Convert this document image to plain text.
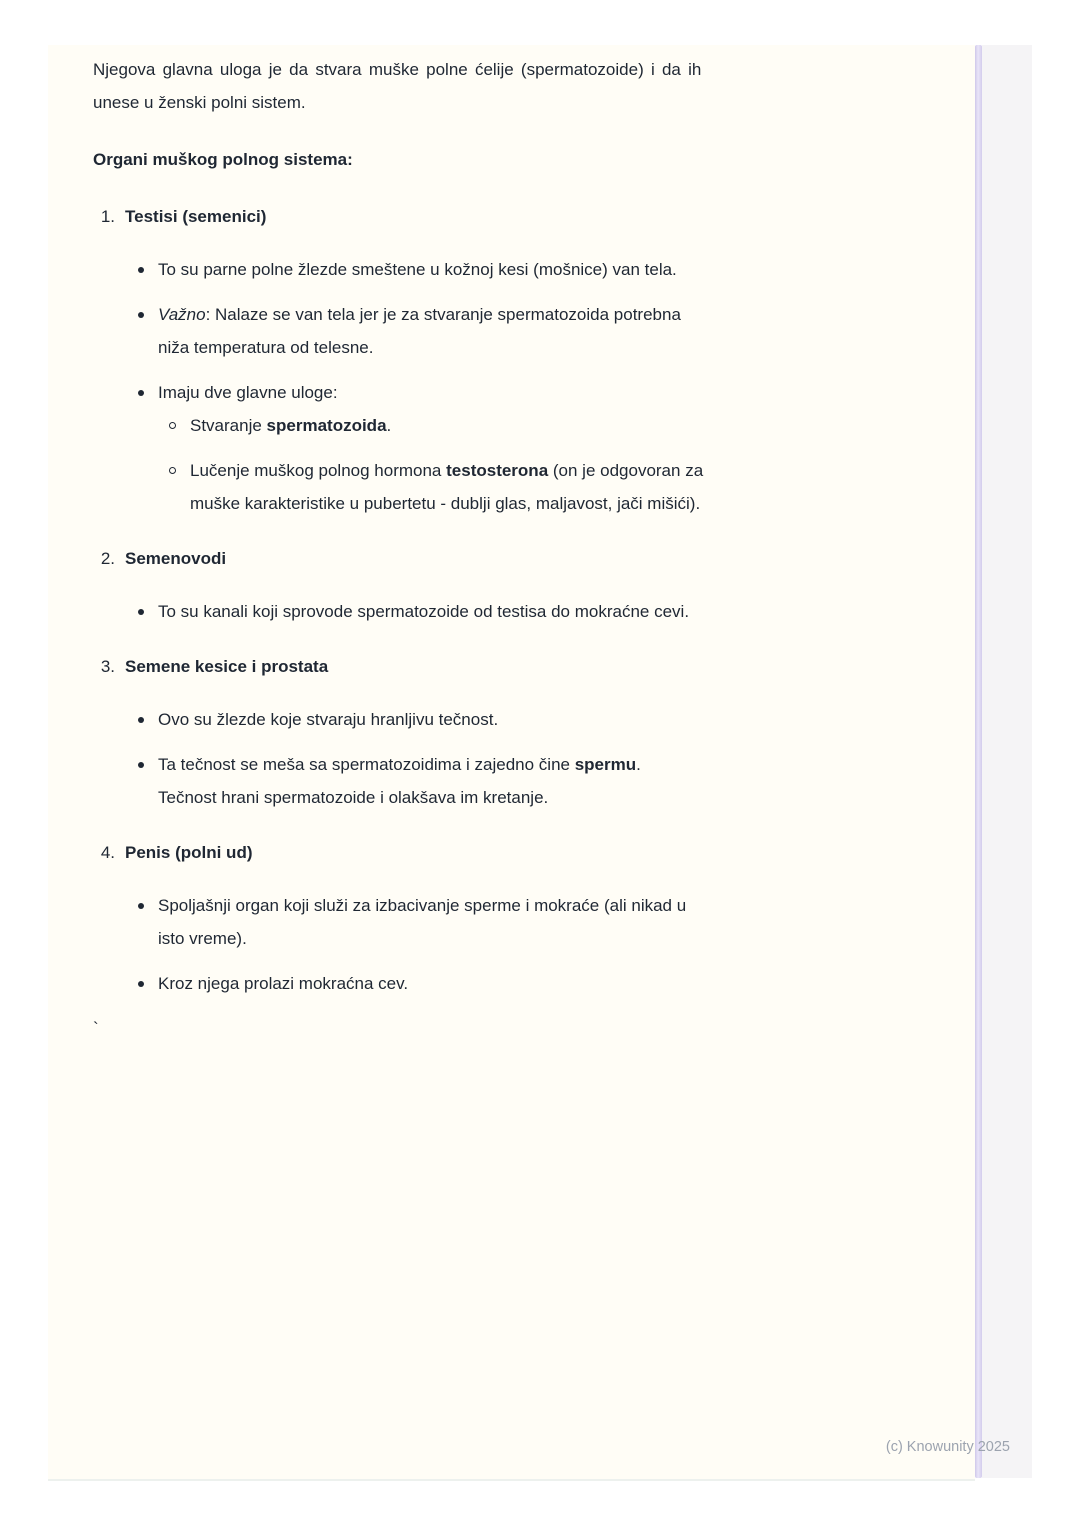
Njegova glavna uloga je da stvara muške polne ćelije (spermatozoide) i da ih
unese u ženski polni sistem.

Organi muškog polnog sistema:

1. Testisi (semenici)
To su parne polne žlezde smeštene u kožnoj kesi (mošnice) van tela.
Važno: Nalaze se van tela jer je za stvaranje spermatozoida potrebna
niža temperatura od telesne.
Imaju dve glavne uloge:
Stvaranje spermatozoida.
Lučenje muškog polnog hormona testosterona (on je odgovoran za
muške karakteristike u pubertetu - dublji glas, maljavost, jači mišići).
2. Semenovodi
To su kanali koji sprovode spermatozoide od testisa do mokraćne cevi.
3. Semene kesice i prostata
Ovo su žlezde koje stvaraju hranljivu tečnost.
Ta tečnost se meša sa spermatozoidima i zajedno čine spermu.
Tečnost hrani spermatozoide i olakšava im kretanje.
4. Penis (polni ud)
Spoljašnji organ koji služi za izbacivanje sperme i mokraće (ali nikad u
isto vreme).
Kroz njega prolazi mokraćna cev.

`

(c) Knowunity 2025
